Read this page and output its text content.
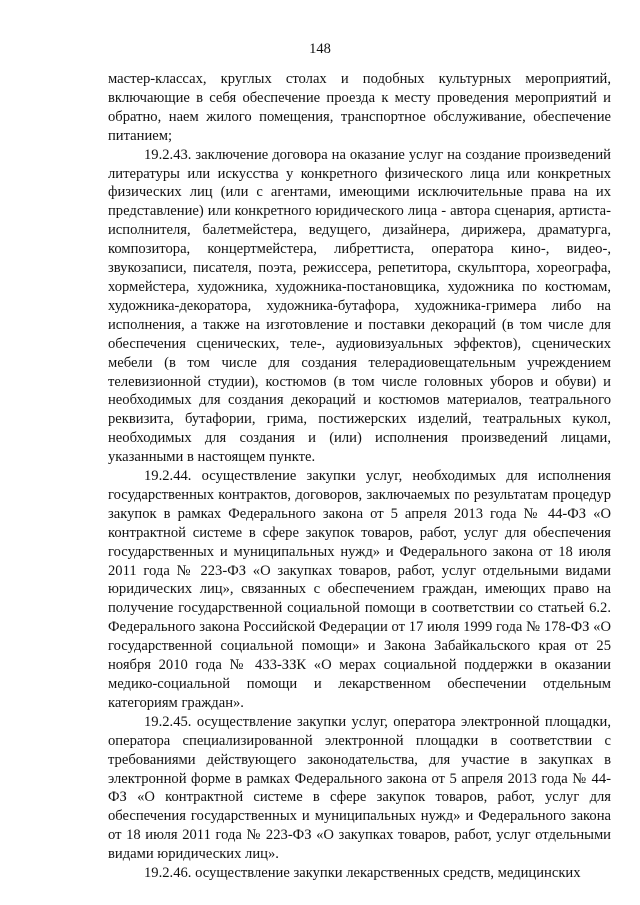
148

мастер-классах, круглых столах и подобных культурных мероприятий, включающие в себя обеспечение проезда к месту проведения мероприятий и обратно, наем жилого помещения, транспортное обслуживание, обеспечение питанием;

19.2.43. заключение договора на оказание услуг на создание произведений литературы или искусства у конкретного физического лица или конкретных физических лиц (или с агентами, имеющими исключительные права на их представление) или конкретного юридического лица - автора сценария, артиста-исполнителя, балетмейстера, ведущего, дизайнера, дирижера, драматурга, композитора, концертмейстера, либреттиста, оператора кино-, видео-, звукозаписи, писателя, поэта, режиссера, репетитора, скульптора, хореографа, хормейстера, художника, художника-постановщика, художника по костюмам, художника-декоратора, художника-бутафора, художника-гримера либо на исполнения, а также на изготовление и поставки декораций (в том числе для обеспечения сценических, теле-, аудиовизуальных эффектов), сценических мебели (в том числе для создания телерадиовещательным учреждением телевизионной студии), костюмов (в том числе головных уборов и обуви) и необходимых для создания декораций и костюмов материалов, театрального реквизита, бутафории, грима, постижерских изделий, театральных кукол, необходимых для создания и (или) исполнения произведений лицами, указанными в настоящем пункте.

19.2.44. осуществление закупки услуг, необходимых для исполнения государственных контрактов, договоров, заключаемых по результатам процедур закупок в рамках Федерального закона от 5 апреля 2013 года № 44-ФЗ «О контрактной системе в сфере закупок товаров, работ, услуг для обеспечения государственных и муниципальных нужд» и Федерального закона от 18 июля 2011 года № 223-ФЗ «О закупках товаров, работ, услуг отдельными видами юридических лиц», связанных с обеспечением граждан, имеющих право на получение государственной социальной помощи в соответствии со статьей 6.2. Федерального закона Российской Федерации от 17 июля 1999 года № 178-ФЗ «О государственной социальной помощи» и Закона Забайкальского края от 25 ноября 2010 года № 433-ЗЗК «О мерах социальной поддержки в оказании медико-социальной помощи и лекарственном обеспечении отдельным категориям граждан».

19.2.45. осуществление закупки услуг, оператора электронной площадки, оператора специализированной электронной площадки в соответствии с требованиями действующего законодательства, для участие в закупках в электронной форме в рамках Федерального закона от 5 апреля 2013 года № 44-ФЗ «О контрактной системе в сфере закупок товаров, работ, услуг для обеспечения государственных и муниципальных нужд» и Федерального закона от 18 июля 2011 года № 223-ФЗ «О закупках товаров, работ, услуг отдельными видами юридических лиц».

19.2.46. осуществление закупки лекарственных средств, медицинских
